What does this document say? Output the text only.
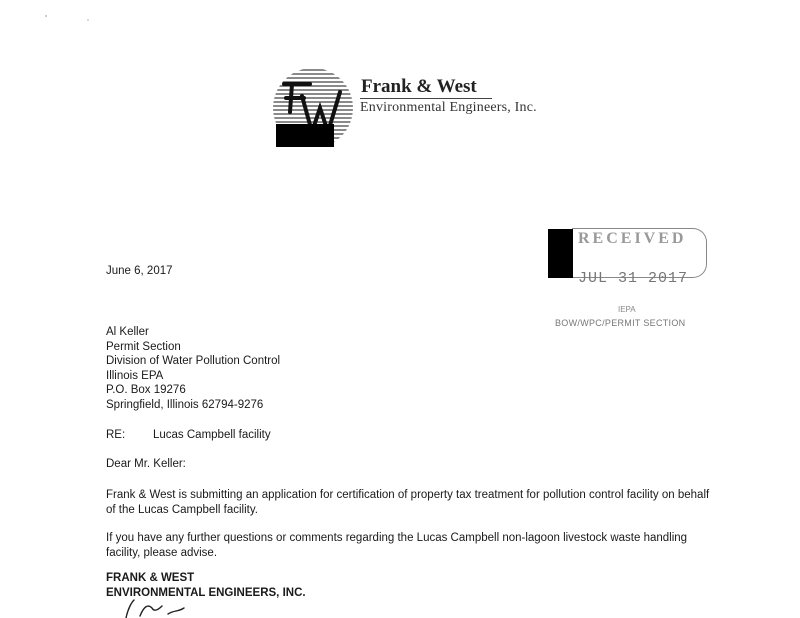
Frank & West
Environmental Engineers, Inc.
RECEIVED
JUL 31 2017
IEPA
BOW/WPC/PERMIT SECTION
June 6, 2017
Al Keller
Permit Section
Division of Water Pollution Control
Illinois EPA
P.O. Box 19276
Springfield, Illinois 62794-9276
RE: Lucas Campbell facility
Dear Mr. Keller:
Frank & West is submitting an application for certification of property tax treatment for pollution control facility on behalf of the Lucas Campbell facility.
If you have any further questions or comments regarding the Lucas Campbell non-lagoon livestock waste handling facility, please advise.
FRANK & WEST
ENVIRONMENTAL ENGINEERS, INC.
